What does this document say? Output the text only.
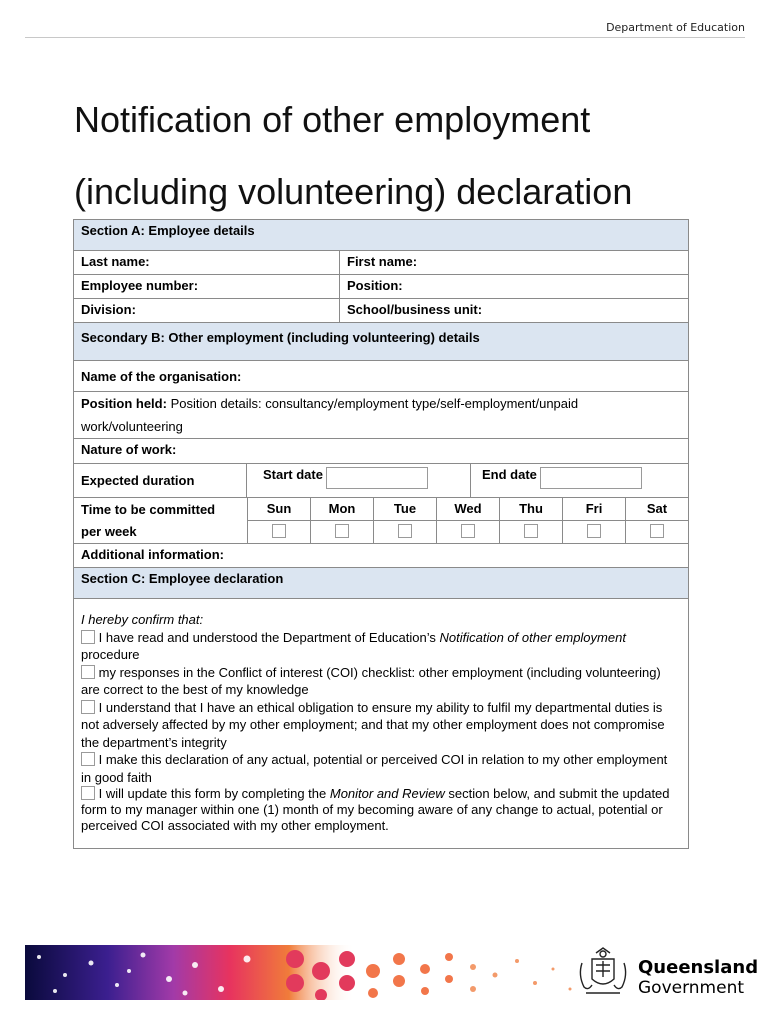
Department of Education
Notification of other employment
(including volunteering) declaration
Section A: Employee details
Last name:	First name:
Employee number:	Position:
Division:	School/business unit:
Secondary B: Other employment (including volunteering) details
Name of the organisation:
Position held: Position details: consultancy/employment type/self-employment/unpaid
work/volunteering
Nature of work:
Expected duration	Start date	End date
Time to be committed
per week
Sun	Mon	Tue	Wed	Thu	Fri	Sat
Additional information:
Section C: Employee declaration
I hereby confirm that:
I have read and understood the Department of Education’s Notification of other employment procedure
my responses in the Conflict of interest (COI) checklist: other employment (including volunteering) are correct to the best of my knowledge
I understand that I have an ethical obligation to ensure my ability to fulfil my departmental duties is not adversely affected by my other employment; and that my other employment does not compromise the department’s integrity
I make this declaration of any actual, potential or perceived COI in relation to my other employment in good faith
I will update this form by completing the Monitor and Review section below, and submit the updated form to my manager within one (1) month of my becoming aware of any change to actual, potential or perceived COI associated with my other employment.
Queensland
Government
